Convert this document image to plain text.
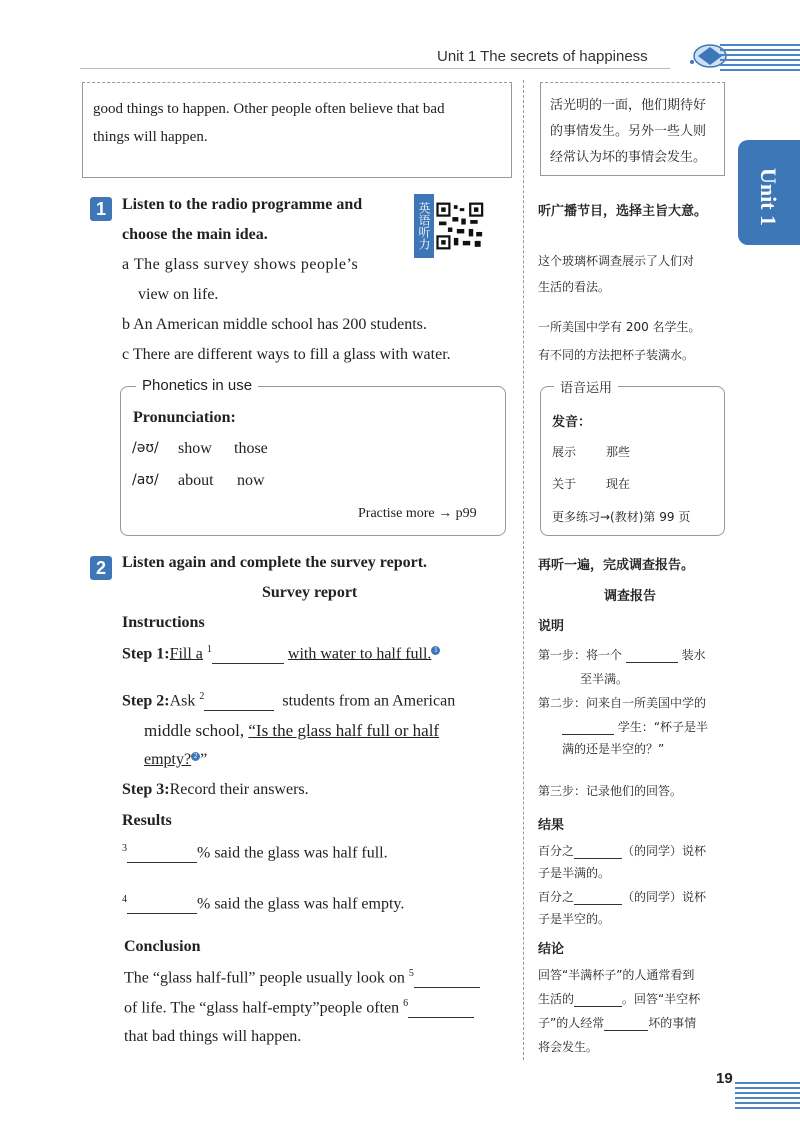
Unit 1 The secrets of happiness
Unit 1
good things to happen. Other people often believe that bad
things will happen.
活光明的一面，他们期待好
的事情发生。另外一些人则
经常认为坏的事情会发生。
1	Listen to the radio programme and
choose the main idea.	英语听力
a The glass survey shows people’s
view on life.
b An American middle school has 200 students.
c There are different ways to fill a glass with water.
听广播节目，选择主旨大意。
这个玻璃杯调查展示了人们对
生活的看法。
一所美国中学有 200 名学生。
有不同的方法把杯子装满水。
Phonetics in use
Pronunciation:
/əʊ/ show those
/aʊ/ about now
Practise more → p99
语音运用
发音：
展示 那些
关于 现在
更多练习→(教材)第 99 页
2	Listen again and complete the survey report.
Survey report
Instructions
Step 1:Fill a $^1$	with water to half full. 1
Step 2:Ask $^2$	students from an American
middle school, “Is the glass half full or half
empty? 2 ”
Step 3:Record their answers.
Results
$^3$	% said the glass was half full.
$^4$	% said the glass was half empty.
Conclusion
The “glass half-full” people usually look on $^5$
of life. The “glass half-empty”people often $^6$
that bad things will happen.
再听一遍，完成调查报告。
调查报告
说明
第一步：将一个	装水
至半满。
第二步：问来自一所美国中学的
学生：“杯子是半
满的还是半空的？”
第三步：记录他们的回答。
结果
百分之	（的同学）说杯
子是半满的。
百分之	（的同学）说杯
子是半空的。
结论
回答“半满杯子”的人通常看到
生活的	。回答“半空杯
子”的人经常	坏的事情
将会发生。
19
